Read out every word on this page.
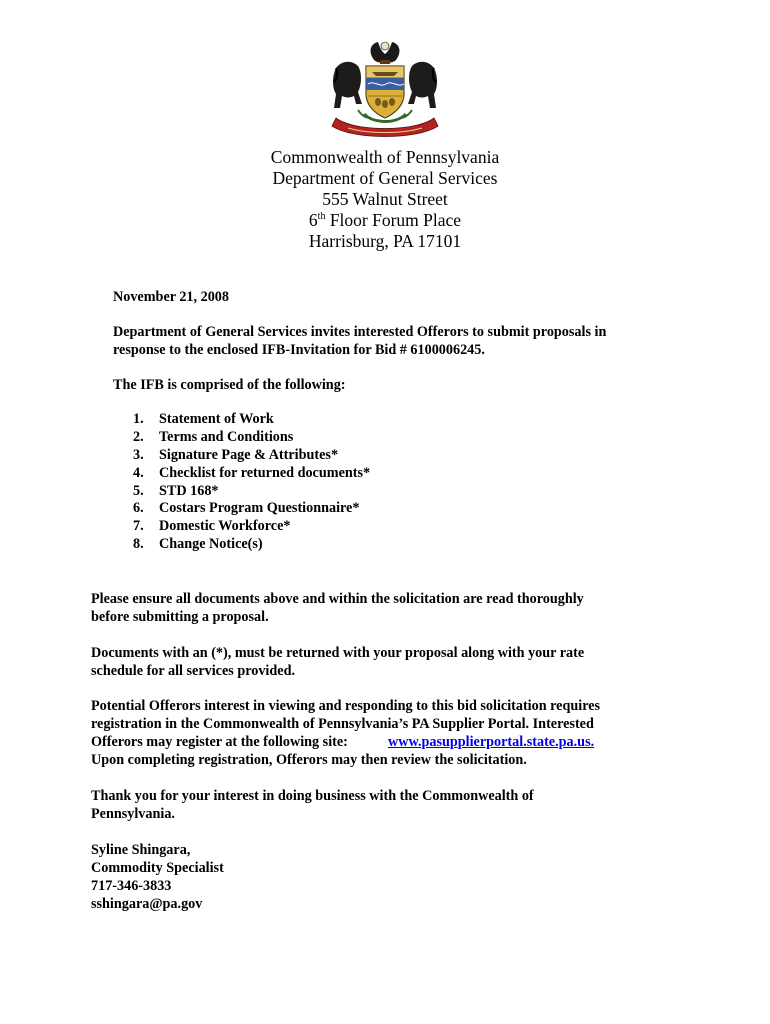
Commonwealth of Pennsylvania
Department of General Services
555 Walnut Street
6th Floor Forum Place
Harrisburg, PA 17101
November 21, 2008
Department of General Services invites interested Offerors to submit proposals in
response to the enclosed IFB-Invitation for Bid # 6100006245.
The IFB is comprised of the following:
1. Statement of Work
2. Terms and Conditions
3. Signature Page & Attributes*
4. Checklist for returned documents*
5. STD 168*
6. Costars Program Questionnaire*
7. Domestic Workforce*
8. Change Notice(s)
Please ensure all documents above and within the solicitation are read thoroughly
before submitting a proposal.
Documents with an (*), must be returned with your proposal along with your rate
schedule for all services provided.
Potential Offerors interest in viewing and responding to this bid solicitation requires
registration in the Commonwealth of Pennsylvania’s PA Supplier Portal. Interested
Offerors may register at the following site:	www.pasupplierportal.state.pa.us.
Upon completing registration, Offerors may then review the solicitation.
Thank you for your interest in doing business with the Commonwealth of
Pennsylvania.
Syline Shingara,
Commodity Specialist
717-346-3833
sshingara@pa.gov
